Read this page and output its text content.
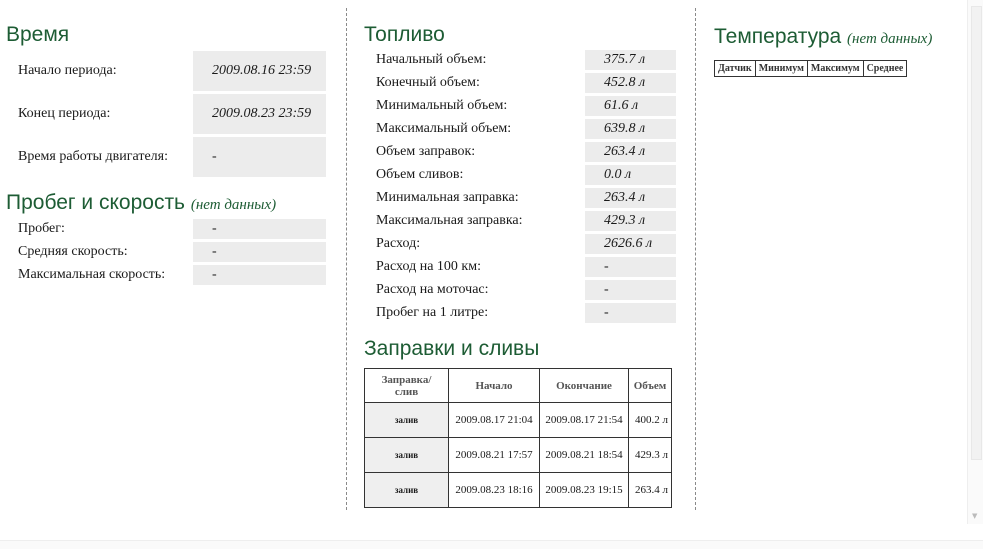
Время
Начало периода:	2009.08.16 23:59
Конец периода:	2009.08.23 23:59
Время работы двигателя:	-
Пробег и скорость (нет данных)
Пробег:	-
Средняя скорость:	-
Максимальная скорость:	-
Топливо
Начальный объем:	375.7 л
Конечный объем:	452.8 л
Минимальный объем:	61.6 л
Максимальный объем:	639.8 л
Объем заправок:	263.4 л
Объем сливов:	0.0 л
Минимальная заправка:	263.4 л
Максимальная заправка:	429.3 л
Расход:	2626.6 л
Расход на 100 км:	-
Расход на моточас:	-
Пробег на 1 литре:	-
Заправки и сливы
Заправка/ слив	Начало	Окончание	Объем
залив	2009.08.17 21:04	2009.08.17 21:54	400.2 л
залив	2009.08.21 17:57	2009.08.21 18:54	429.3 л
залив	2009.08.23 18:16	2009.08.23 19:15	263.4 л
Температура (нет данных)
Датчик	Минимум	Максимум	Среднее
▼
